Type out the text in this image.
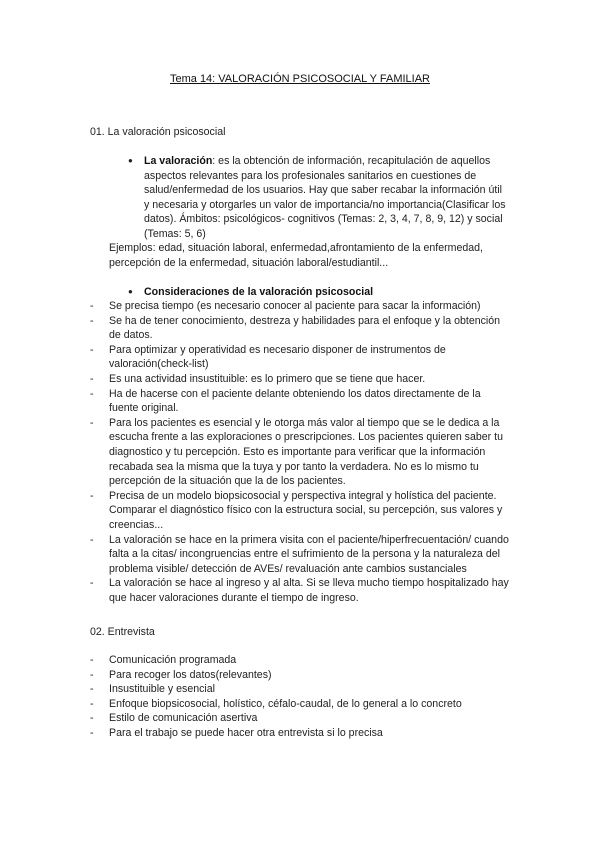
Tema 14: VALORACIÓN PSICOSOCIAL Y FAMILIAR
01. La valoración psicosocial
●	La valoración: es la obtención de información, recapitulación de aquellos aspectos relevantes para los profesionales sanitarios en cuestiones de salud/enfermedad de los usuarios. Hay que saber recabar la información útil y necesaria y otorgarles un valor de importancia/no importancia(Clasificar los datos). Ámbitos: psicológicos- cognitivos (Temas: 2, 3, 4, 7, 8, 9, 12) y social (Temas: 5, 6)
Ejemplos: edad, situación laboral, enfermedad,afrontamiento de la enfermedad, percepción de la enfermedad, situación laboral/estudiantil...
●	Consideraciones de la valoración psicosocial
- Se precisa tiempo (es necesario conocer al paciente para sacar la información)
- Se ha de tener conocimiento, destreza y habilidades para el enfoque y la obtención de datos.
- Para optimizar y operatividad es necesario disponer de instrumentos de valoración(check-list)
- Es una actividad insustituible: es lo primero que se tiene que hacer.
- Ha de hacerse con el paciente delante obteniendo los datos directamente de la fuente original.
- Para los pacientes es esencial y le otorga más valor al tiempo que se le dedica a la escucha frente a las exploraciones o prescripciones. Los pacientes quieren saber tu diagnostico y tu percepción. Esto es importante para verificar que la información recabada sea la misma que la tuya y por tanto la verdadera. No es lo mismo tu percepción de la situación que la de los pacientes.
- Precisa de un modelo biopsicosocial y perspectiva integral y holística del paciente. Comparar el diagnóstico físico con la estructura social, su percepción, sus valores y creencias...
- La valoración se hace en la primera visita con el paciente/hiperfrecuentación/ cuando falta a la citas/ incongruencias entre el sufrimiento de la persona y la naturaleza del problema visible/ detección de AVEs/ revaluación ante cambios sustanciales
- La valoración se hace al ingreso y al alta. Si se lleva mucho tiempo hospitalizado hay que hacer valoraciones durante el tiempo de ingreso.
02. Entrevista
- Comunicación programada
- Para recoger los datos(relevantes)
- Insustituible y esencial
- Enfoque biopsicosocial, holístico, céfalo-caudal, de lo general a lo concreto
- Estilo de comunicación asertiva
- Para el trabajo se puede hacer otra entrevista si lo precisa
